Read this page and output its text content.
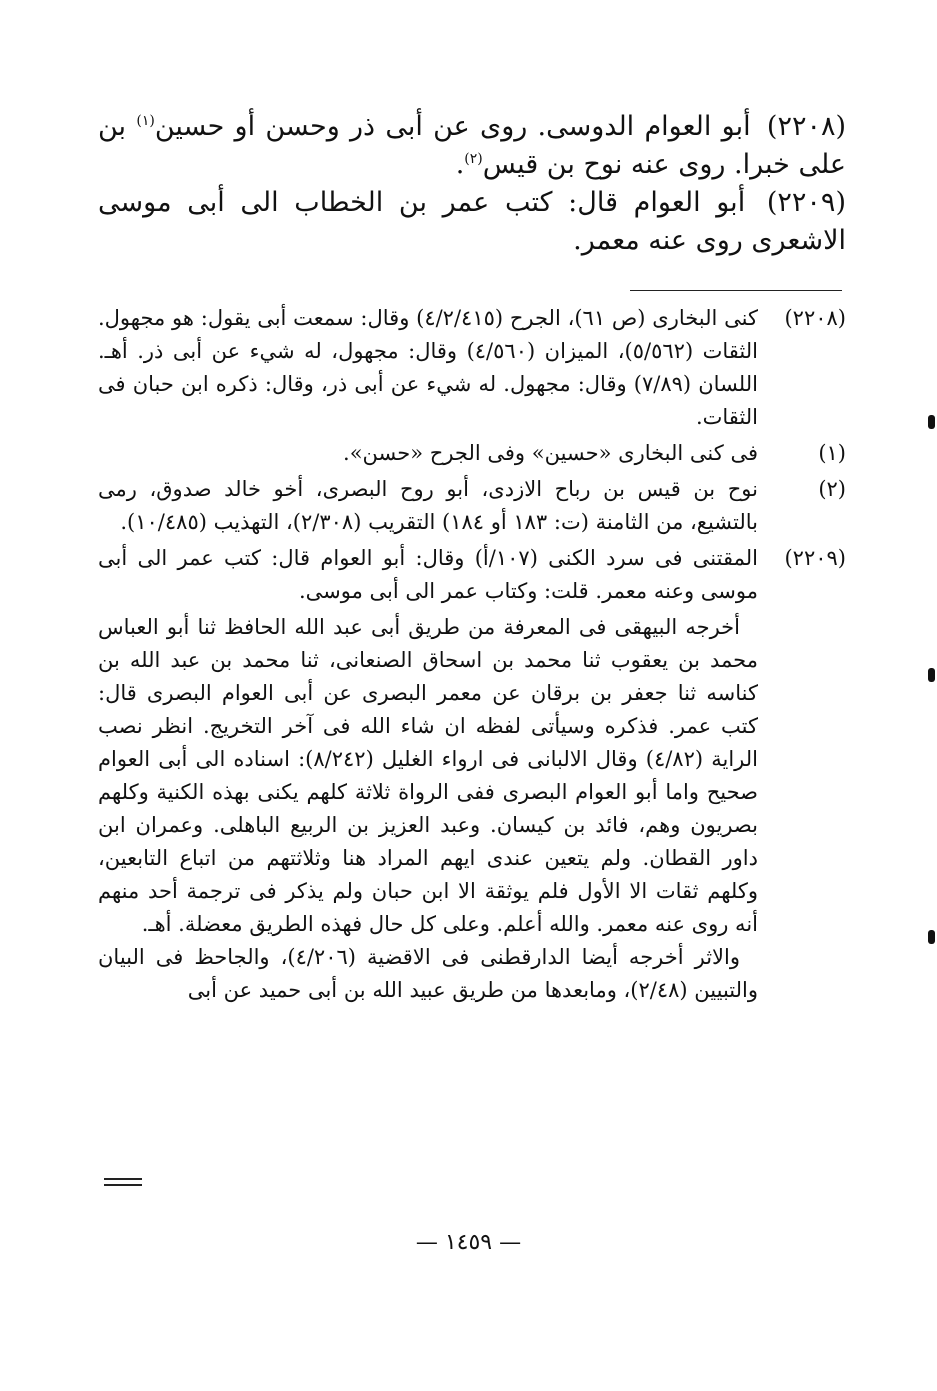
(٢٢٠٨) أبو العوام الدوسى. روى عن أبى ذر وحسن أو حسين$^{(١)}$ بن على خبرا. روى عنه نوح بن قيس$^{(٢)}$.

(٢٢٠٩) أبو العوام قال: كتب عمر بن الخطاب الى أبى موسى الاشعرى روى عنه معمر.

(٢٢٠٨)

كنى البخارى (ص ٦١)، الجرح (٤/٢/٤١٥) وقال: سمعت أبى يقول: هو مجهول. الثقات (٥/٥٦٢)، الميزان (٤/٥٦٠) وقال: مجهول، له شيء عن أبى ذر. أهـ. اللسان (٧/٨٩) وقال: مجهول. له شيء عن أبى ذر، وقال: ذكره ابن حبان فى الثقات.

(١)

فى كنى البخارى «حسين» وفى الجرح «حسن».

(٢)

نوح بن قيس بن رباح الازدى، أبو روح البصرى، أخو خالد صدوق، رمى بالتشيع، من الثامنة (ت: ١٨٣ أو ١٨٤) التقريب (٢/٣٠٨)، التهذيب (١٠/٤٨٥).

(٢٢٠٩)

المقتنى فى سرد الكنى (١٠٧/أ) وقال: أبو العوام قال: كتب عمر الى أبى موسى وعنه معمر. قلت: وكتاب عمر الى أبى موسى.

أخرجه البيهقى فى المعرفة من طريق أبى عبد الله الحافظ ثنا أبو العباس محمد بن يعقوب ثنا محمد بن اسحاق الصنعانى، ثنا محمد بن عبد الله بن كناسه ثنا جعفر بن برقان عن معمر البصرى عن أبى العوام البصرى قال: كتب عمر. فذكره وسيأتى لفظه ان شاء الله فى آخر التخريج. انظر نصب الراية (٤/٨٢) وقال الالبانى فى ارواء الغليل (٨/٢٤٢): اسناده الى أبى العوام صحيح واما أبو العوام البصرى ففى الرواة ثلاثة كلهم يكنى بهذه الكنية وكلهم بصريون وهم، فائد بن كيسان. وعبد العزيز بن الربيع الباهلى. وعمران ابن داور القطان. ولم يتعين عندى ايهم المراد هنا وثلاثتهم من اتباع التابعين، وكلهم ثقات الا الأول فلم يوثقة الا ابن حبان ولم يذكر فى ترجمة أحد منهم أنه روى عنه معمر. والله أعلم. وعلى كل حال فهذه الطريق معضلة. أهـ.

والاثر أخرجه أيضا الدارقطنى فى الاقضية (٤/٢٠٦)، والجاحظ فى البيان والتبيين (٢/٤٨)، ومابعدها من طريق عبيد الله بن أبى حميد عن أبى

— ١٤٥٩ —
